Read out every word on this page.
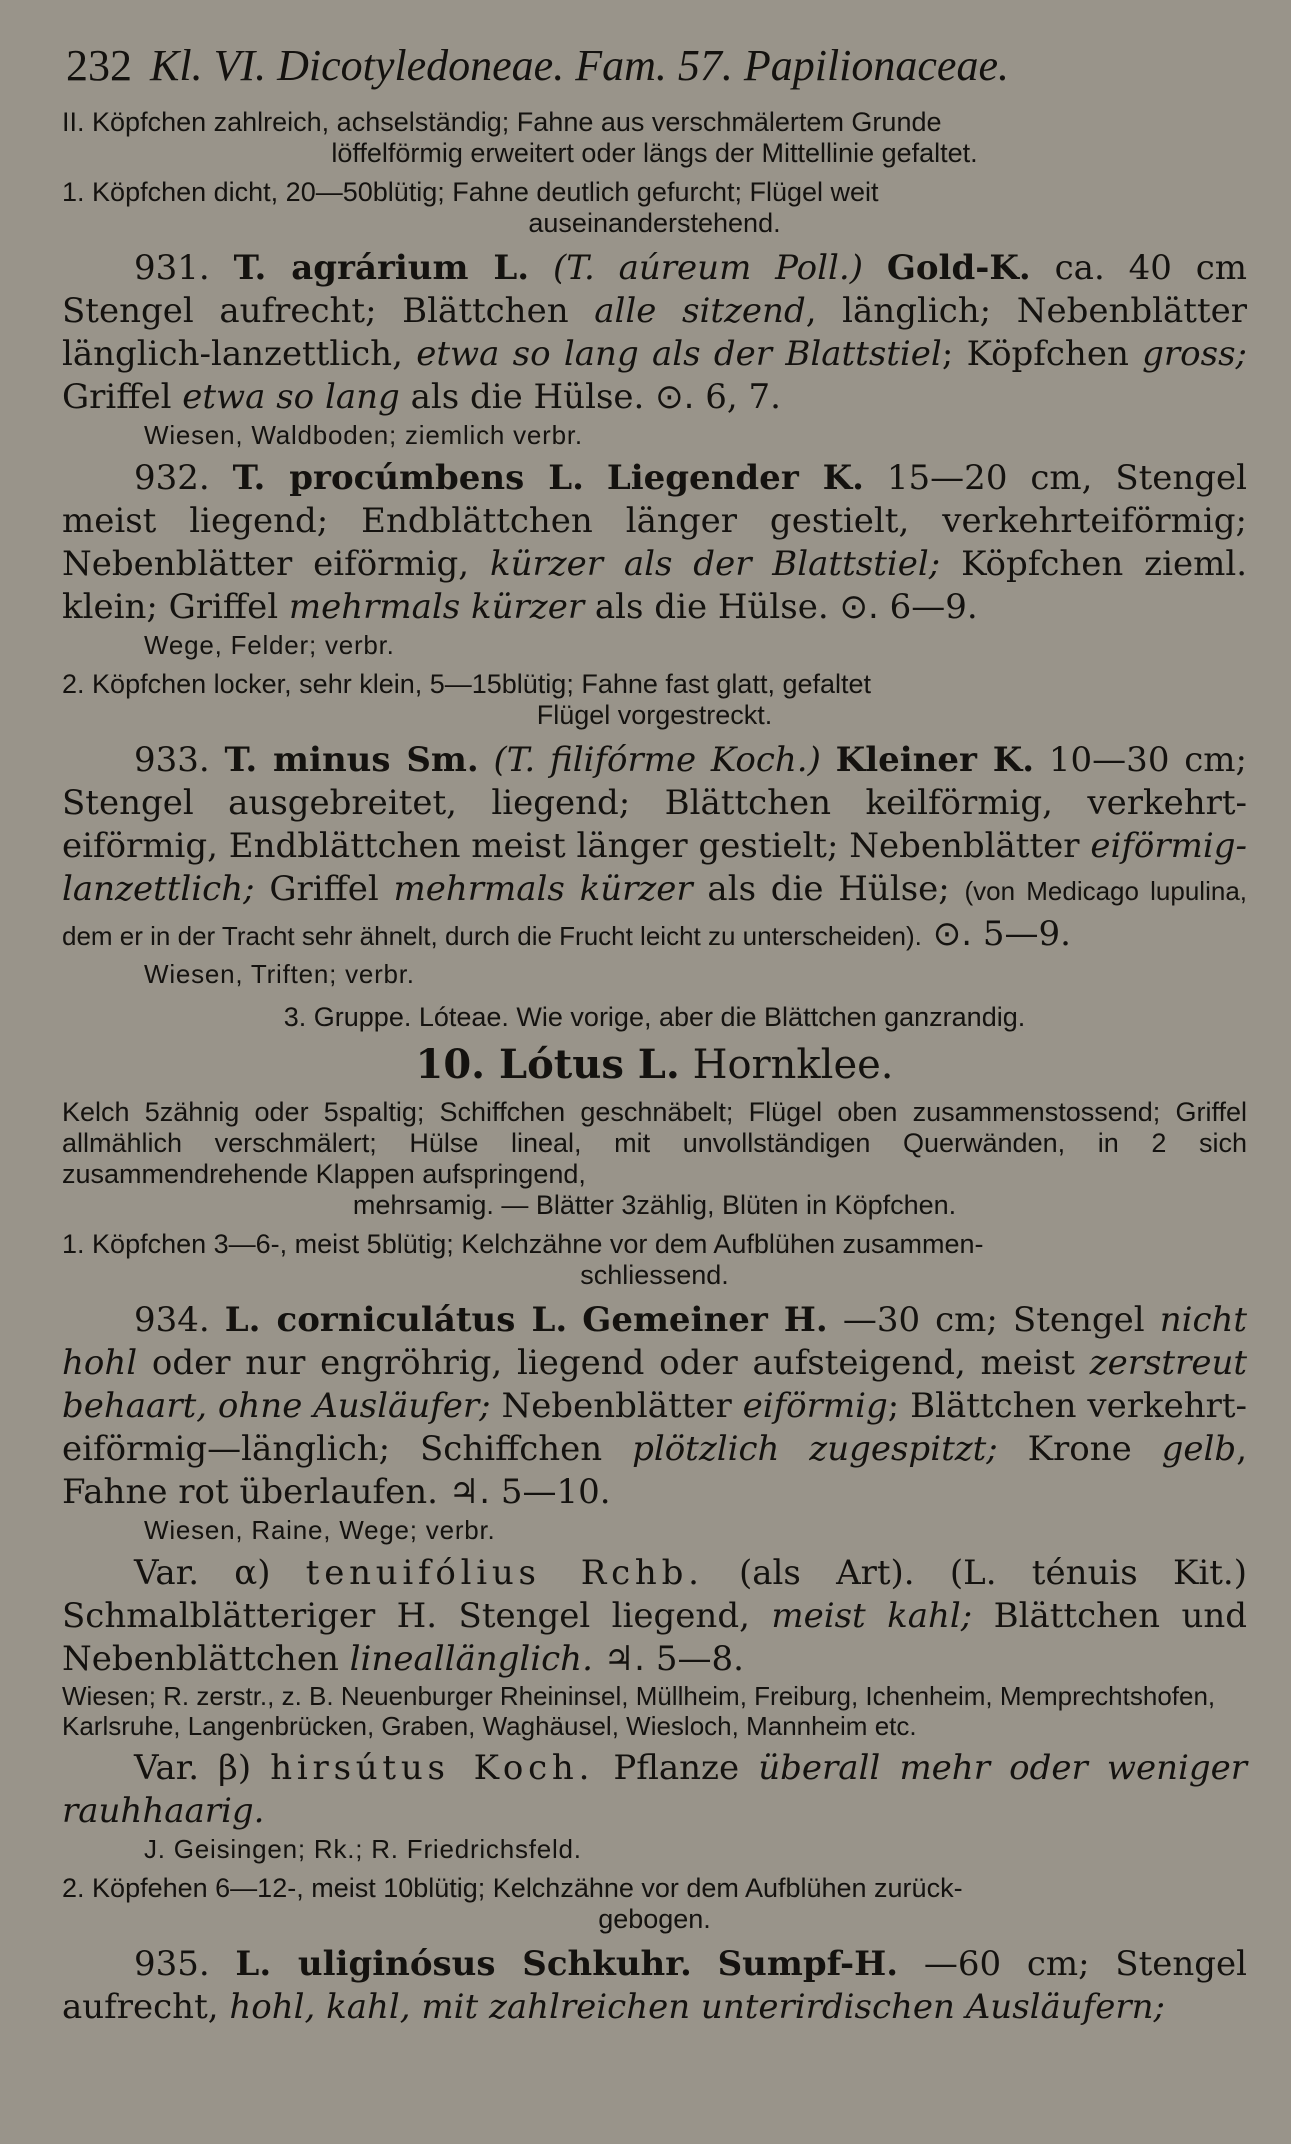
232 Kl. VI. Dicotyledoneae. Fam. 57. Papilionaceae.
II. Köpfchen zahlreich, achselständig; Fahne aus verschmälertem Grunde
löffelförmig erweitert oder längs der Mittellinie gefaltet.
1. Köpfchen dicht, 20—50blütig; Fahne deutlich gefurcht; Flügel weit
auseinanderstehend.
931. T. agrárium L. (T. aúreum Poll.) Gold-K. ca. 40 cm Stengel aufrecht; Blättchen alle sitzend, länglich; Nebenblätter länglich-lanzettlich, etwa so lang als der Blattstiel; Köpfchen gross; Griffel etwa so lang als die Hülse. ⊙. 6, 7.
Wiesen, Waldboden; ziemlich verbr.
932. T. procúmbens L. Liegender K. 15—20 cm, Stengel meist liegend; Endblättchen länger gestielt, verkehrteiförmig; Nebenblätter eiförmig, kürzer als der Blattstiel; Köpfchen zieml. klein; Griffel mehrmals kürzer als die Hülse. ⊙. 6—9.
Wege, Felder; verbr.
2. Köpfchen locker, sehr klein, 5—15blütig; Fahne fast glatt, gefaltet
Flügel vorgestreckt.
933. T. minus Sm. (T. filifórme Koch.) Kleiner K. 10—30 cm; Stengel ausgebreitet, liegend; Blättchen keilförmig, verkehrt-eiförmig, Endblättchen meist länger gestielt; Nebenblätter eiförmig-lanzettlich; Griffel mehrmals kürzer als die Hülse; (von Medicago lupulina, dem er in der Tracht sehr ähnelt, durch die Frucht leicht zu unterscheiden). ⊙. 5—9.
Wiesen, Triften; verbr.
3. Gruppe. Lóteae. Wie vorige, aber die Blättchen ganzrandig.
10. Lótus L. Hornklee.
Kelch 5zähnig oder 5spaltig; Schiffchen geschnäbelt; Flügel oben zusammenstossend; Griffel allmählich verschmälert; Hülse lineal, mit unvollständigen Querwänden, in 2 sich zusammendrehende Klappen aufspringend,
mehrsamig. — Blätter 3zählig, Blüten in Köpfchen.
1. Köpfchen 3—6-, meist 5blütig; Kelchzähne vor dem Aufblühen zusammen-
schliessend.
934. L. corniculátus L. Gemeiner H. —30 cm; Stengel nicht hohl oder nur engröhrig, liegend oder aufsteigend, meist zerstreut behaart, ohne Ausläufer; Nebenblätter eiförmig; Blättchen verkehrt-eiförmig—länglich; Schiffchen plötzlich zugespitzt; Krone gelb, Fahne rot überlaufen. ♃. 5—10.
Wiesen, Raine, Wege; verbr.
Var. α) tenuifólius Rchb. (als Art). (L. ténuis Kit.) Schmalblätteriger H. Stengel liegend, meist kahl; Blättchen und Nebenblättchen lineallänglich. ♃. 5—8.
Wiesen; R. zerstr., z. B. Neuenburger Rheininsel, Müllheim, Freiburg, Ichenheim, Memprechtshofen, Karlsruhe, Langenbrücken, Graben, Waghäusel, Wiesloch, Mannheim etc.
Var. β) hirsútus Koch. Pflanze überall mehr oder weniger rauhhaarig.
J. Geisingen; Rk.; R. Friedrichsfeld.
2. Köpfehen 6—12-, meist 10blütig; Kelchzähne vor dem Aufblühen zurück-
gebogen.
935. L. uliginósus Schkuhr. Sumpf-H. —60 cm; Stengel aufrecht, hohl, kahl, mit zahlreichen unterirdischen Ausläufern;
